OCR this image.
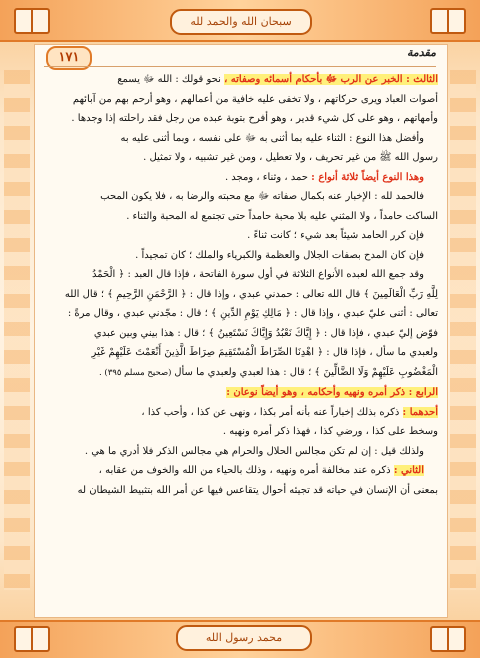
سبحان الله والحمد لله
محمد رسول الله
١٧١	مقدمة

الثالث : الخبر عن الرب ﷻ بأحكام أسمائه وصفاته ، نحو قولك : الله ﷻ يسمع

أصوات العباد ويرى حركاتهم ، ولا تخفى عليه خافية من أعمالهم ، وهو أرحم بهم من آبائهم

وأمهاتهم ، وهو على كل شيء قدير ، وهو أفرح بتوبة عبده من رجل فقد راحلته إذا وجدها .

وأفضل هذا النوع : الثناء عليه بما أثنى به ﷻ على نفسه ، وبما أثنى عليه به

رسول الله ﷺ من غير تحريف ، ولا تعطيل ، ومن غير تشبيه ، ولا تمثيل .

وهذا النوع أيضاً ثلاثة أنواع : حمد ، وثناء ، ومجد .

فالحمد لله : الإخبار عنه بكمال صفاته ﷻ مع محبته والرضا به ، فلا يكون المحب

الساكت حامداً ، ولا المثني عليه بلا محبة حامداً حتى تجتمع له المحبة والثناء .

فإن كرر الحامد شيئاً بعد شيء ؛ كانت ثناءً .

فإن كان المدح بصفات الجلال والعظمة والكبرياء والملك ؛ كان تمجيداً .

وقد جمع الله لعبده الأنواع الثلاثة في أول سورة الفاتحة ، فإذا قال العبد : ﴿ الْحَمْدُ

لِلَّهِ رَبِّ الْعَالَمِينَ ﴾ قال الله تعالى : حمدني عبدي ، وإذا قال : ﴿ الرَّحْمَنِ الرَّحِيمِ ﴾ ؛ قال الله

تعالى : أثنى عليّ عبدي ، وإذا قال : ﴿ مَالِكِ يَوْمِ الدِّينِ ﴾ ؛ قال : مجّدني عبدي ، وقال مرةً :

فوّض إليّ عبدي ، فإذا قال : ﴿ إِيَّاكَ نَعْبُدُ وَإِيَّاكَ نَسْتَعِينُ ﴾ ؛ قال : هذا بيني وبين عبدي

ولعبدي ما سأل ، فإذا قال : ﴿ اهْدِنَا الصِّرَاطَ الْمُسْتَقِيمَ صِرَاطَ الَّذِينَ أَنْعَمْتَ عَلَيْهِمْ غَيْرِ

الْمَغْضُوبِ عَلَيْهِمْ وَلَا الضَّالِّينَ ﴾ ؛ قال : هذا لعبدي ولعبدي ما سأل (صحيح مسلم ٣٩٥) .

الرابع : ذكر أمره ونهيه وأحكامه ، وهو أيضاً نوعان :

أحدهما : ذكره بذلك إخباراً عنه بأنه أمر بكذا ، ونهى عن كذا ، وأحب كذا ،

وسخط على كذا ، ورضي كذا ، فهذا ذكر أمره ونهيه .

ولذلك قيل : إن لم تكن مجالس الحلال والحرام هي مجالس الذكر فلا أدري ما هي .

الثاني : ذكره عند مخالفة أمره ونهيه ، وذلك بالحياء من الله والخوف من عقابه ،

بمعنى أن الإنسان في حياته قد تجيئه أحوال يتقاعس فيها عن أمر الله بتثبيط الشيطان له
